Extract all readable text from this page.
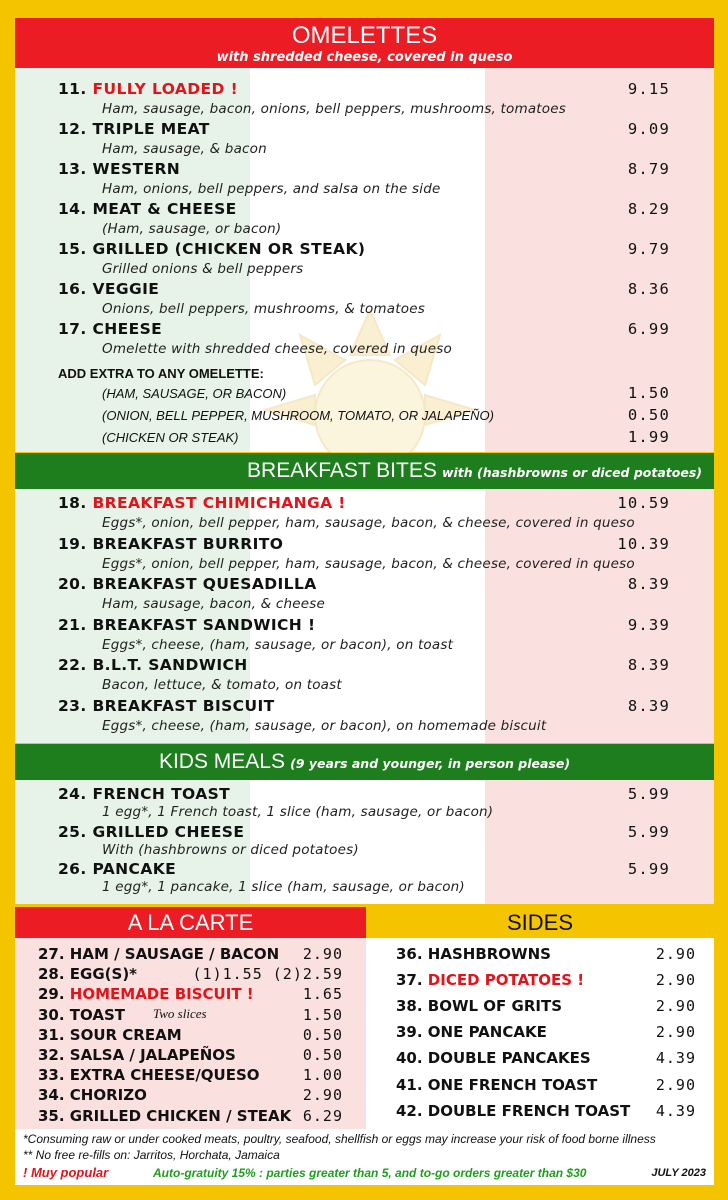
OMELETTES
with shredded cheese, covered in queso
11. FULLY LOADED !	9.15
Ham, sausage, bacon, onions, bell peppers, mushrooms, tomatoes
12. TRIPLE MEAT	9.09
Ham, sausage, & bacon
13. WESTERN	8.79
Ham, onions, bell peppers, and salsa on the side
14. MEAT & CHEESE	8.29
(Ham, sausage, or bacon)
15. GRILLED (CHICKEN OR STEAK)	9.79
Grilled onions & bell peppers
16. VEGGIE	8.36
Onions, bell peppers, mushrooms, & tomatoes
17. CHEESE	6.99
Omelette with shredded cheese, covered in queso
ADD EXTRA TO ANY OMELETTE:
(HAM, SAUSAGE, OR BACON)	1.50
(ONION, BELL PEPPER, MUSHROOM, TOMATO, OR JALAPEÑO)	0.50
(CHICKEN OR STEAK)	1.99
BREAKFAST BITES with (hashbrowns or diced potatoes)
18. BREAKFAST CHIMICHANGA !	10.59
Eggs*, onion, bell pepper, ham, sausage, bacon, & cheese, covered in queso
19. BREAKFAST BURRITO	10.39
Eggs*, onion, bell pepper, ham, sausage, bacon, & cheese, covered in queso
20. BREAKFAST QUESADILLA	8.39
Ham, sausage, bacon, & cheese
21. BREAKFAST SANDWICH !	9.39
Eggs*, cheese, (ham, sausage, or bacon), on toast
22. B.L.T. SANDWICH	8.39
Bacon, lettuce, & tomato, on toast
23. BREAKFAST BISCUIT	8.39
Eggs*, cheese, (ham, sausage, or bacon), on homemade biscuit
KIDS MEALS (9 years and younger, in person please)
24. FRENCH TOAST	5.99
1 egg*, 1 French toast, 1 slice (ham, sausage, or bacon)
25. GRILLED CHEESE	5.99
With (hashbrowns or diced potatoes)
26. PANCAKE	5.99
1 egg*, 1 pancake, 1 slice (ham, sausage, or bacon)
A LA CARTE	SIDES
27. HAM / SAUSAGE / BACON 2.90
28. EGG(S)*	(1)1.55 (2)2.59
29. HOMEMADE BISCUIT !	1.65
30. TOAST Two slices	1.50
31. SOUR CREAM	0.50
32. SALSA / JALAPEÑOS	0.50
33. EXTRA CHEESE/QUESO	1.00
34. CHORIZO	2.90
35. GRILLED CHICKEN / STEAK 6.29
36. HASHBROWNS	2.90
37. DICED POTATOES !	2.90
38. BOWL OF GRITS	2.90
39. ONE PANCAKE	2.90
40. DOUBLE PANCAKES	4.39
41. ONE FRENCH TOAST	2.90
42. DOUBLE FRENCH TOAST 4.39
*Consuming raw or under cooked meats, poultry, seafood, shellfish or eggs may increase your risk of food borne illness
** No free re-fills on: Jarritos, Horchata, Jamaica
! Muy popular	Auto-gratuity 15% : parties greater than 5, and to-go orders greater than $30	JULY 2023
